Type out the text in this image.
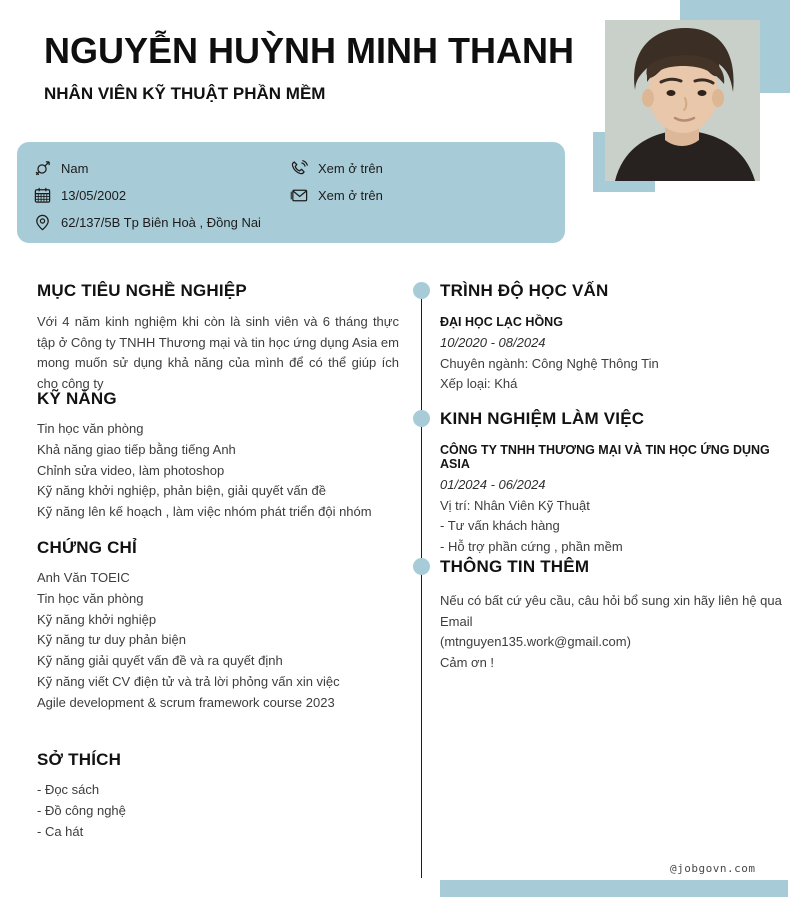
NGUYỄN HUỲNH MINH THANH
NHÂN VIÊN KỸ THUẬT PHẦN MỀM
Nam
13/05/2002
62/137/5B Tp Biên Hoà , Đồng Nai
Xem ở trên
Xem ở trên
MỤC TIÊU NGHỀ NGHIỆP
Với 4 năm kinh nghiệm khi còn là sinh viên và 6 tháng thực tập ở Công ty TNHH Thương mại và tin học ứng dụng Asia em mong muốn sử dụng khả năng của mình để có thể giúp ích cho công ty
KỸ NĂNG
Tin học văn phòng
Khả năng giao tiếp bằng tiếng Anh
Chỉnh sửa video, làm photoshop
Kỹ năng khởi nghiệp, phản biện, giải quyết vấn đề
Kỹ năng lên kế hoạch , làm việc nhóm phát triển đội nhóm
CHỨNG CHỈ
Anh Văn TOEIC
Tin học văn phòng
Kỹ năng khởi nghiệp
Kỹ năng tư duy phản biện
Kỹ năng giải quyết vấn đề và ra quyết định
Kỹ năng viết CV điện tử và trả lời phỏng vấn xin việc
Agile development & scrum framework course 2023
SỞ THÍCH
- Đọc sách
- Đồ công nghệ
- Ca hát
TRÌNH ĐỘ HỌC VẤN
ĐẠI HỌC LẠC HỒNG
10/2020 - 08/2024
Chuyên ngành: Công Nghệ Thông Tin
Xếp loại: Khá
KINH NGHIỆM LÀM VIỆC
CÔNG TY TNHH THƯƠNG MẠI VÀ TIN HỌC ỨNG DỤNG ASIA
01/2024 - 06/2024
Vị trí: Nhân Viên Kỹ Thuật
- Tư vấn khách hàng
- Hỗ trợ phần cứng , phần mềm
THÔNG TIN THÊM
Nếu có bất cứ yêu cầu, câu hỏi bổ sung xin hãy liên hệ qua Email
(mtnguyen135.work@gmail.com)
Cảm ơn !
@jobgovn.com
